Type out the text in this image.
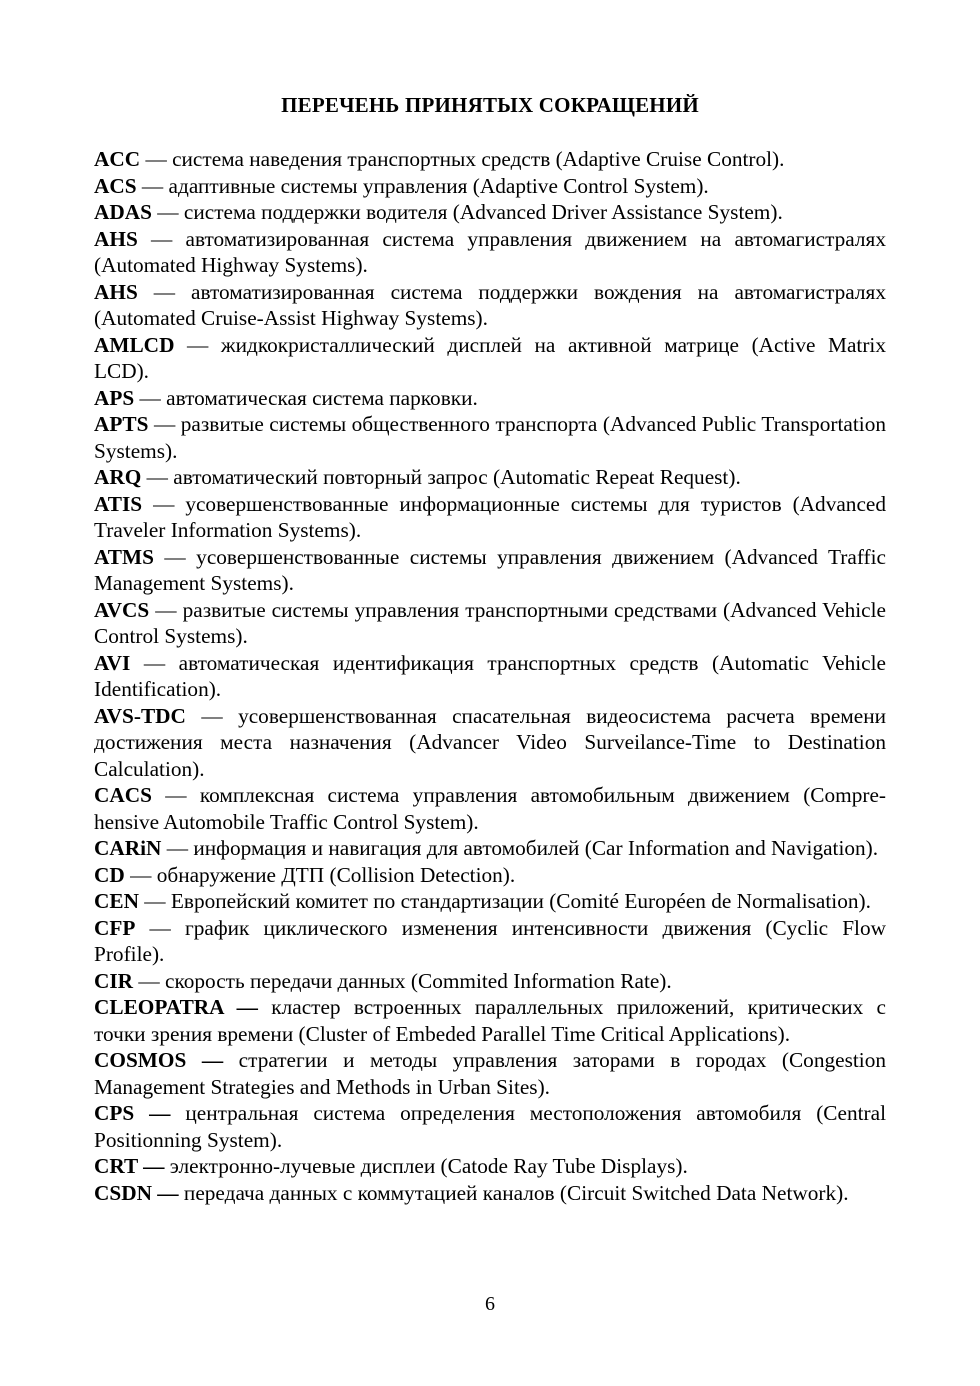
ПЕРЕЧЕНЬ ПРИНЯТЫХ СОКРАЩЕНИЙ

ACC — система наведения транспортных средств (Adaptive Cruise Control).

ACS — адаптивные системы управления (Adaptive Control System).

ADAS — система поддержки водителя (Advanced Driver Assistance System).

AHS — автоматизированная система управления движением на автомагистралях (Automated Highway Systems).

AHS — автоматизированная система поддержки вождения на автомагистралях (Automated Cruise-Assist Highway Systems).

AMLCD — жидкокристаллический дисплей на активной матрице (Active Matrix LCD).

APS — автоматическая система парковки.

APTS — развитые системы общественного транспорта (Advanced Public Transportation Systems).

ARQ — автоматический повторный запрос (Automatic Repeat Request).

ATIS — усовершенствованные информационные системы для туристов (Advanced Traveler Information Systems).

ATMS — усовершенствованные системы управления движением (Advanced Traffic Management Systems).

AVCS — развитые системы управления транспортными средствами (Advanced Vehicle Control Systems).

AVI — автоматическая идентификация транспортных средств (Automatic Vehicle Identification).

AVS-TDC — усовершенствованная спасательная видеосистема расчета времени достижения места назначения (Advancer Video Surveilance-Time to Destination Calculation).

CACS — комплексная система управления автомобильным движением (Comprehensive Automobile Traffic Control System).

CARiN — информация и навигация для автомобилей (Car Information and Navigation).

CD — обнаружение ДТП (Collision Detection).

CEN — Европейский комитет по стандартизации (Comité Européen de Normalisation).

CFP — график циклического изменения интенсивности движения (Cyclic Flow Profile).

CIR — скорость передачи данных (Commited Information Rate).

CLEOPATRA — кластер встроенных параллельных приложений, критических с точки зрения времени (Cluster of Embeded Parallel Time Critical Applications).

COSMOS — стратегии и методы управления заторами в городах (Congestion Management Strategies and Methods in Urban Sites).

CPS — центральная система определения местоположения автомобиля (Central Positionning System).

CRT — электронно-лучевые дисплеи (Catode Ray Tube Displays).

CSDN — передача данных с коммутацией каналов (Circuit Switched Data Network).

6
